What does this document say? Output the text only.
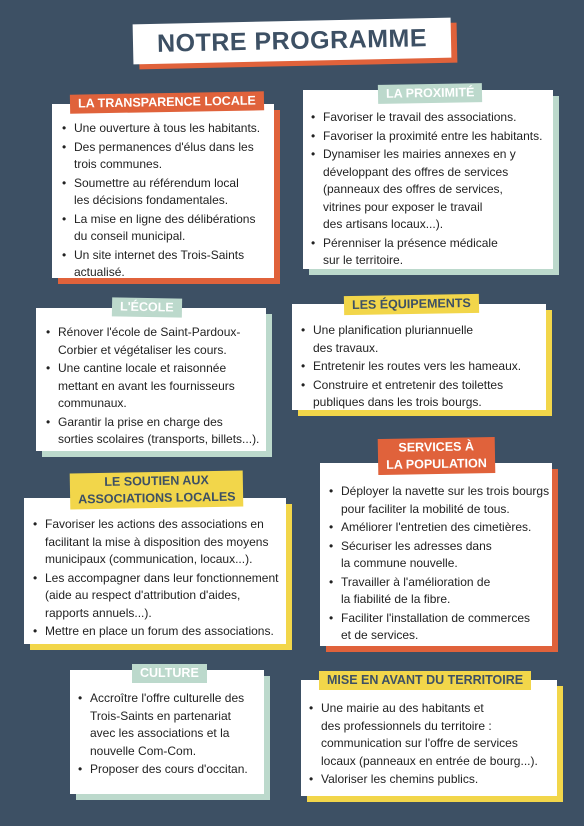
NOTRE PROGRAMME
• Une ouverture à tous les habitants.
• Des permanences d'élus dans les
trois communes.
• Soumettre au référendum local
les décisions fondamentales.
• La mise en ligne des délibérations
du conseil municipal.
• Un site internet des Trois-Saints
actualisé.
LA TRANSPARENCE LOCALE
• Favoriser le travail des associations.
• Favoriser la proximité entre les habitants.
• Dynamiser les mairies annexes en y
développant des offres de services
(panneaux des offres de services,
vitrines pour exposer le travail
des artisans locaux...).
• Pérenniser la présence médicale
sur le territoire.
LA PROXIMITÉ
• Rénover l'école de Saint-Pardoux-
Corbier et végétaliser les cours.
• Une cantine locale et raisonnée
mettant en avant les fournisseurs
communaux.
• Garantir la prise en charge des
sorties scolaires (transports, billets...).
L'ÉCOLE
• Une planification pluriannuelle
des travaux.
• Entretenir les routes vers les hameaux.
• Construire et entretenir des toilettes
publiques dans les trois bourgs.
LES ÉQUIPEMENTS
• Favoriser les actions des associations en
facilitant la mise à disposition des moyens
municipaux (communication, locaux...).
• Les accompagner dans leur fonctionnement
(aide au respect d'attribution d'aides,
rapports annuels...).
• Mettre en place un forum des associations.
LE SOUTIEN AUX
ASSOCIATIONS LOCALES	• Déployer la navette sur les trois bourgs
pour faciliter la mobilité de tous.
• Améliorer l'entretien des cimetières.
• Sécuriser les adresses dans
la commune nouvelle.
• Travailler à l'amélioration de
la fiabilité de la fibre.
• Faciliter l'installation de commerces
et de services.
SERVICES À
LA POPULATION
• Accroître l'offre culturelle des
Trois-Saints en partenariat
avec les associations et la
nouvelle Com-Com.
• Proposer des cours d'occitan.
CULTURE
• Une mairie au des habitants et
des professionnels du territoire :
communication sur l'offre de services
locaux (panneaux en entrée de bourg...).
• Valoriser les chemins publics.
MISE EN AVANT DU TERRITOIRE
